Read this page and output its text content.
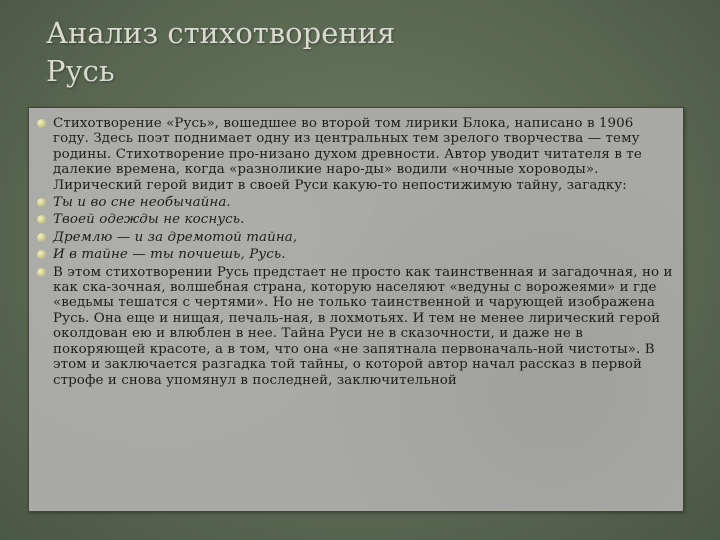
Анализ стихотворения
Русь
Стихотворение «Русь», вошедшее во второй том лирики Блока, написано в 1906 году. Здесь поэт поднимает одну из центральных тем зрелого творчества — тему родины. Стихотворение про-низано духом древности. Автор уводит читателя в те далекие времена, когда «разноликие наро-ды» водили «ночные хороводы». Лирический герой видит в своей Руси какую-то непостижимую тайну, загадку:
Ты и во сне необычайна.
Твоей одежды не коснусь.
Дремлю — и за дремотой тайна,
И в тайне — ты почиешь, Русь.
В этом стихотворении Русь предстает не просто как таинственная и загадочная, но и как ска-зочная, волшебная страна, которую населяют «ведуны с ворожеями» и где «ведьмы тешатся с чертями». Но не только таинственной и чарующей изображена Русь. Она еще и нищая, печаль-ная, в лохмотьях. И тем не менее лирический герой околдован ею и влюблен в нее. Тайна Руси не в сказочности, и даже не в покоряющей красоте, а в том, что она «не запятнала первоначаль-ной чистоты». В этом и заключается разгадка той тайны, о которой автор начал рассказ в первой строфе и снова упомянул в последней, заключительной
